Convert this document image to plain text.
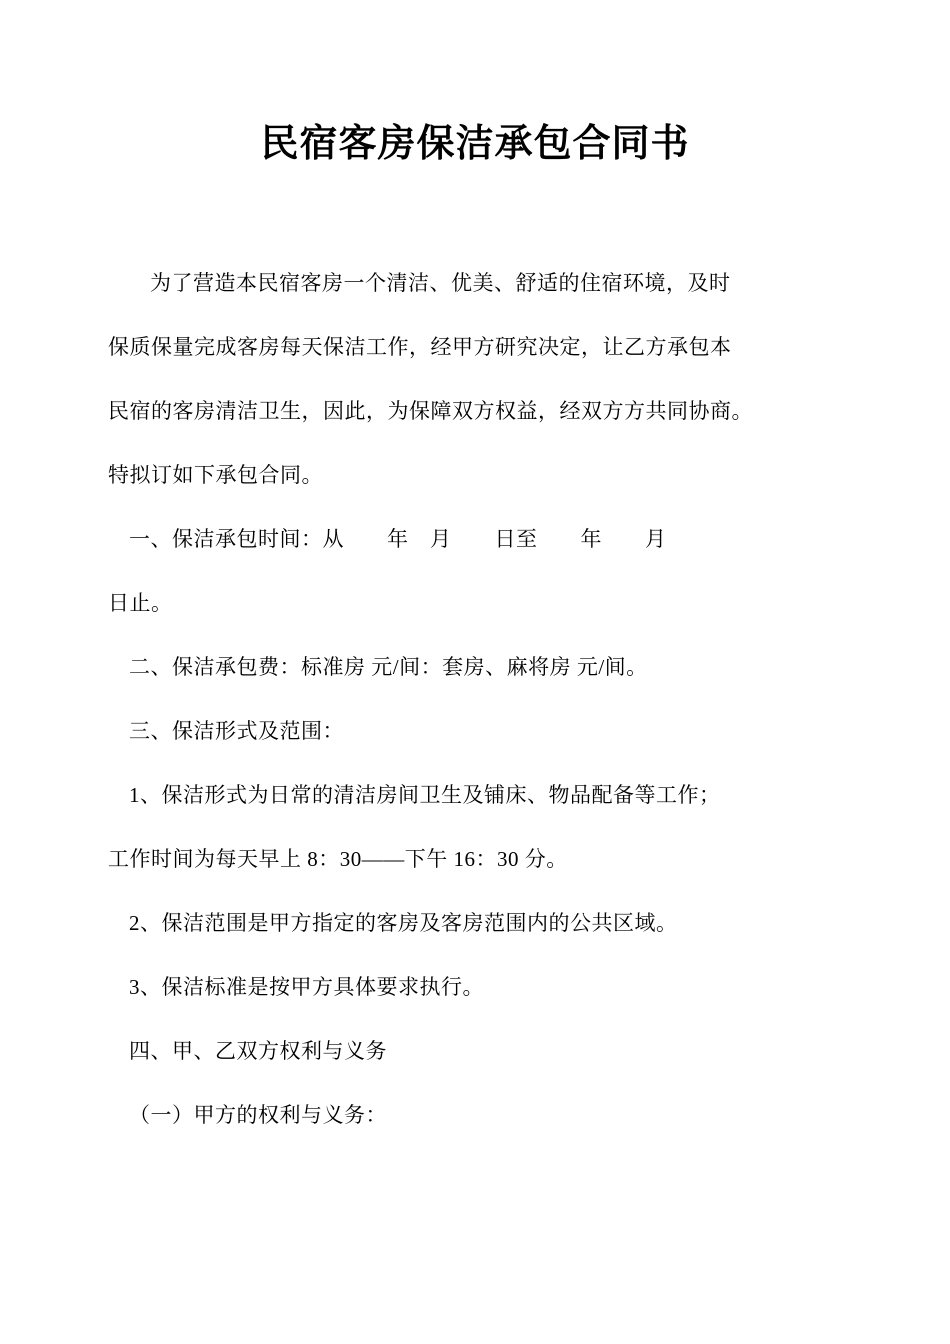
民宿客房保洁承包合同书

为了营造本民宿客房一个清洁、优美、舒适的住宿环境，及时

保质保量完成客房每天保洁工作，经甲方研究决定，让乙方承包本

民宿的客房清洁卫生，因此，为保障双方权益，经双方方共同协商。

特拟订如下承包合同。

一、保洁承包时间：从　　年　月　　日至　　年　　月

日止。

二、保洁承包费：标准房 元/间：套房、麻将房 元/间。

三、保洁形式及范围：

1、保洁形式为日常的清洁房间卫生及铺床、物品配备等工作；

工作时间为每天早上 8：30——下午 16：30 分。

2、保洁范围是甲方指定的客房及客房范围内的公共区域。

3、保洁标准是按甲方具体要求执行。

四、甲、乙双方权利与义务

（一）甲方的权利与义务：
